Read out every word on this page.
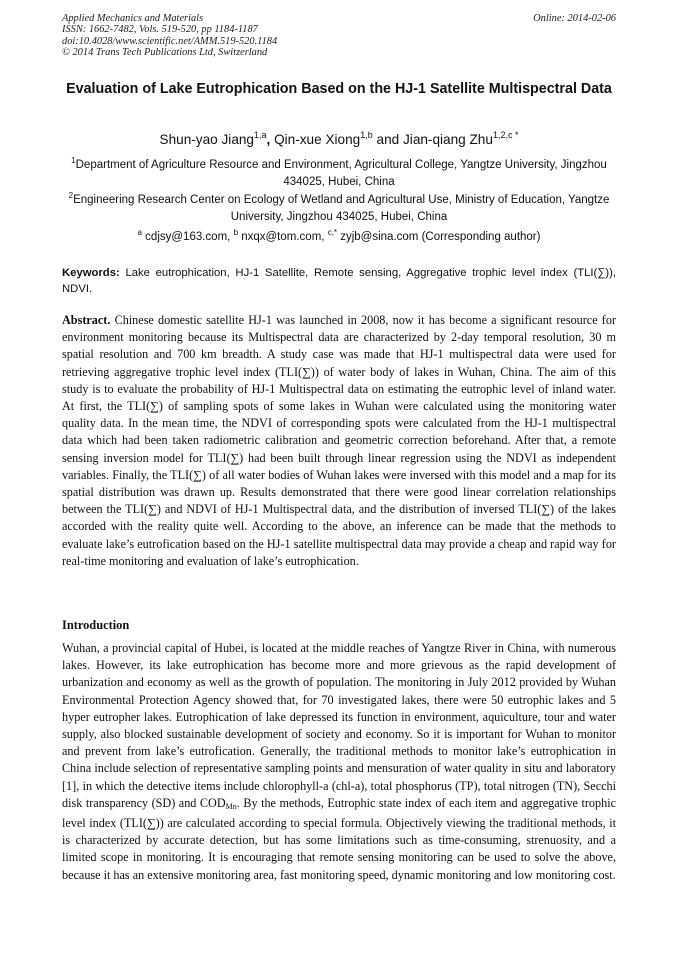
Applied Mechanics and Materials
ISSN: 1662-7482, Vols. 519-520, pp 1184-1187
doi:10.4028/www.scientific.net/AMM.519-520.1184
© 2014 Trans Tech Publications Ltd, Switzerland
Online: 2014-02-06
Evaluation of Lake Eutrophication Based on the HJ-1 Satellite Multispectral Data
Shun-yao Jiang$^{1,a}$, Qin-xue Xiong$^{1,b}$ and Jian-qiang Zhu$^{1,2,c *}$
$^1$Department of Agriculture Resource and Environment, Agricultural College, Yangtze University, Jingzhou 434025, Hubei, China
$^2$Engineering Research Center on Ecology of Wetland and Agricultural Use, Ministry of Education, Yangtze University, Jingzhou 434025, Hubei, China
$^a$ cdjsy@163.com, $^b$ nxqx@tom.com, $^{c,*}$ zyjb@sina.com (Corresponding author)
Keywords: Lake eutrophication, HJ-1 Satellite, Remote sensing, Aggregative trophic level index (TLI(∑)), NDVI.
Abstract. Chinese domestic satellite HJ-1 was launched in 2008, now it has become a significant resource for environment monitoring because its Multispectral data are characterized by 2-day temporal resolution, 30 m spatial resolution and 700 km breadth. A study case was made that HJ-1 multispectral data were used for retrieving aggregative trophic level index (TLI(∑)) of water body of lakes in Wuhan, China. The aim of this study is to evaluate the probability of HJ-1 Multispectral data on estimating the eutrophic level of inland water. At first, the TLI(∑) of sampling spots of some lakes in Wuhan were calculated using the monitoring water quality data. In the mean time, the NDVI of corresponding spots were calculated from the HJ-1 multispectral data which had been taken radiometric calibration and geometric correction beforehand. After that, a remote sensing inversion model for TLI(∑) had been built through linear regression using the NDVI as independent variables. Finally, the TLI(∑) of all water bodies of Wuhan lakes were inversed with this model and a map for its spatial distribution was drawn up. Results demonstrated that there were good linear correlation relationships between the TLI(∑) and NDVI of HJ-1 Multispectral data, and the distribution of inversed TLI(∑) of the lakes accorded with the reality quite well. According to the above, an inference can be made that the methods to evaluate lake’s eutrofication based on the HJ-1 satellite multispectral data may provide a cheap and rapid way for real-time monitoring and evaluation of lake’s eutrophication.
Introduction
Wuhan, a provincial capital of Hubei, is located at the middle reaches of Yangtze River in China, with numerous lakes. However, its lake eutrophication has become more and more grievous as the rapid development of urbanization and economy as well as the growth of population. The monitoring in July 2012 provided by Wuhan Environmental Protection Agency showed that, for 70 investigated lakes, there were 50 eutrophic lakes and 5 hyper eutropher lakes. Eutrophication of lake depressed its function in environment, aquiculture, tour and water supply, also blocked sustainable development of society and economy. So it is important for Wuhan to monitor and prevent from lake’s eutrofication. Generally, the traditional methods to monitor lake’s eutrophication in China include selection of representative sampling points and mensuration of water quality in situ and laboratory [1], in which the detective items include chlorophyll-a (chl-a), total phosphorus (TP), total nitrogen (TN), Secchi disk transparency (SD) and $COD_{Mn}$. By the methods, Eutrophic state index of each item and aggregative trophic level index (TLI(∑)) are calculated according to special formula. Objectively viewing the traditional methods, it is characterized by accurate detection, but has some limitations such as time-consuming, strenuosity, and a limited scope in monitoring. It is encouraging that remote sensing monitoring can be used to solve the above, because it has an extensive monitoring area, fast monitoring speed, dynamic monitoring and low monitoring cost.
